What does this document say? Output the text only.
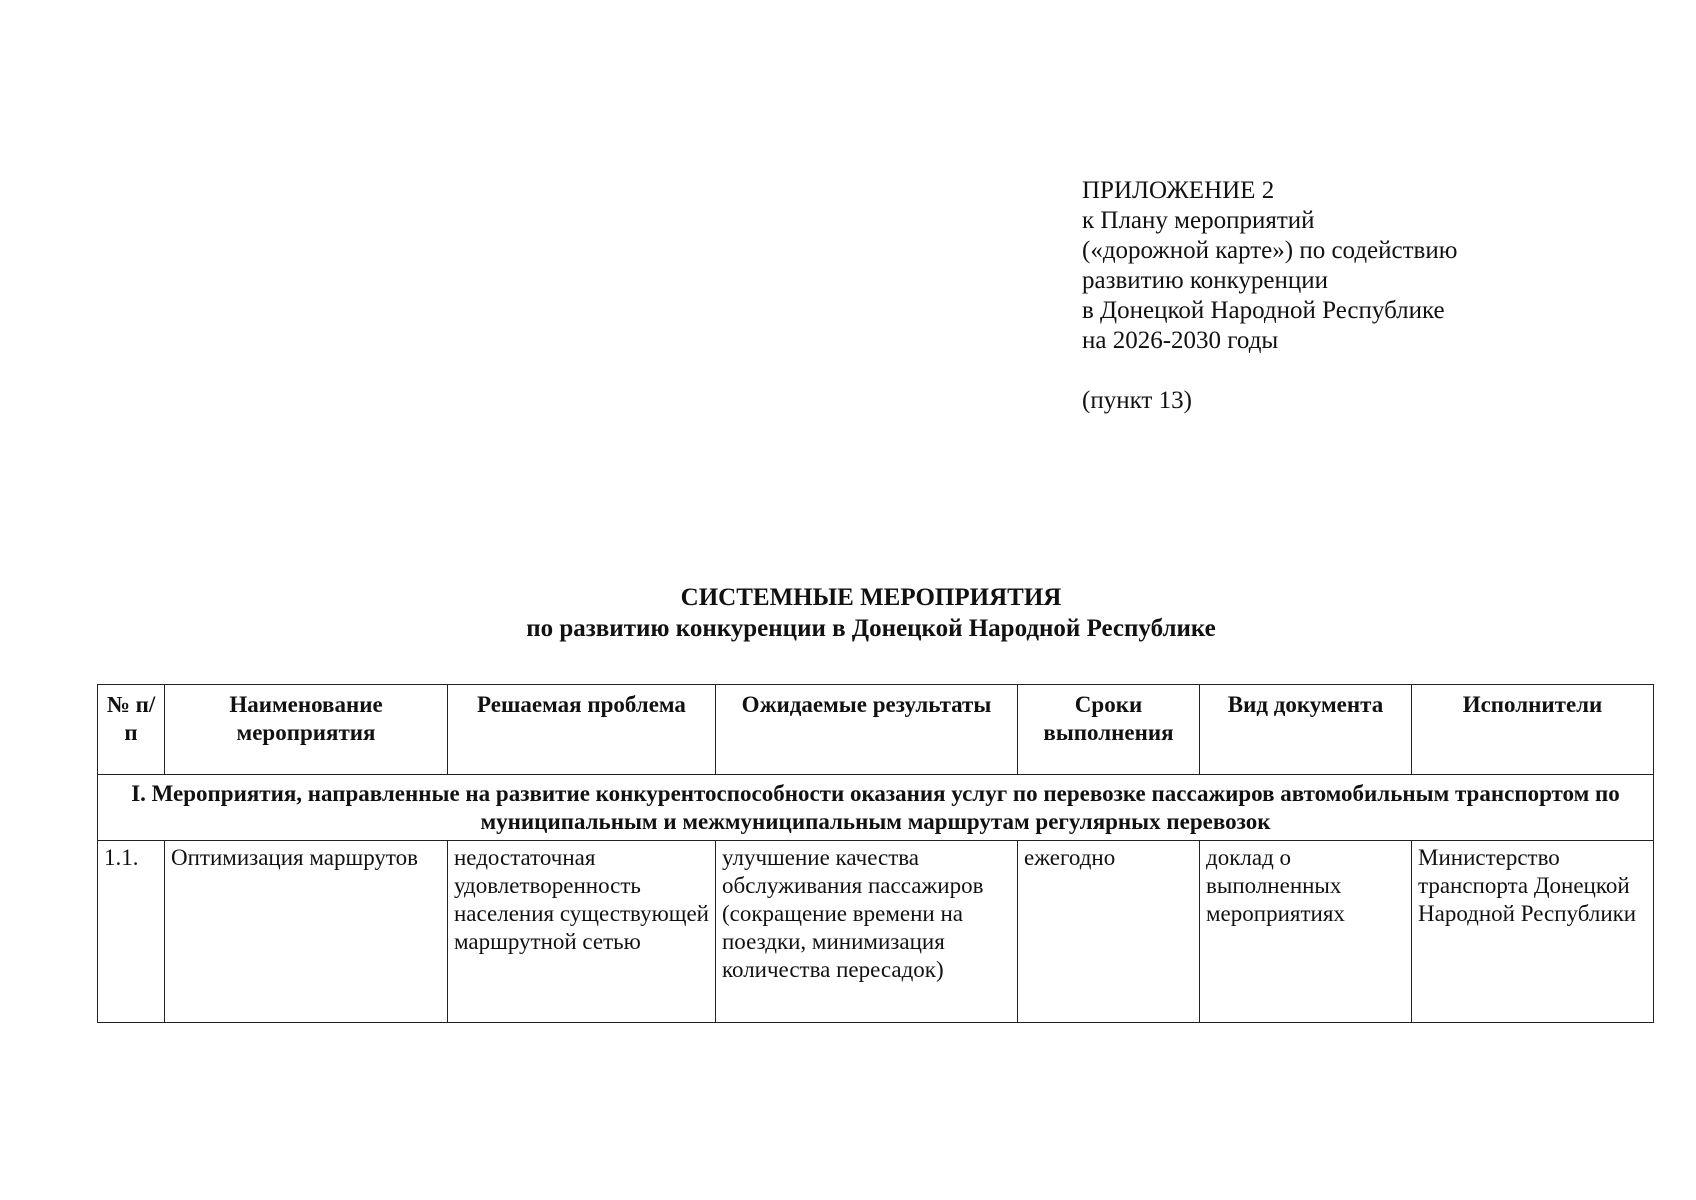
ПРИЛОЖЕНИЕ 2
к Плану мероприятий
(«дорожной карте») по содействию
развитию конкуренции
в Донецкой Народной Республике
на 2026-2030 годы
(пункт 13)
СИСТЕМНЫЕ МЕРОПРИЯТИЯ
по развитию конкуренции в Донецкой Народной Республике
№ п/п	Наименование мероприятия	Решаемая проблема	Ожидаемые результаты	Сроки выполнения	Вид документа	Исполнители
I. Мероприятия, направленные на развитие конкурентоспособности оказания услуг по перевозке пассажиров автомобильным транспортом по муниципальным и межмуниципальным маршрутам регулярных перевозок						
1.1.	Оптимизация маршрутов	недостаточная удовлетворенность населения существующей маршрутной сетью	улучшение качества обслуживания пассажиров (сокращение времени на поездки, минимизация количества пересадок)	ежегодно	доклад о выполненных мероприятиях	Министерство транспорта Донецкой Народной Республики
